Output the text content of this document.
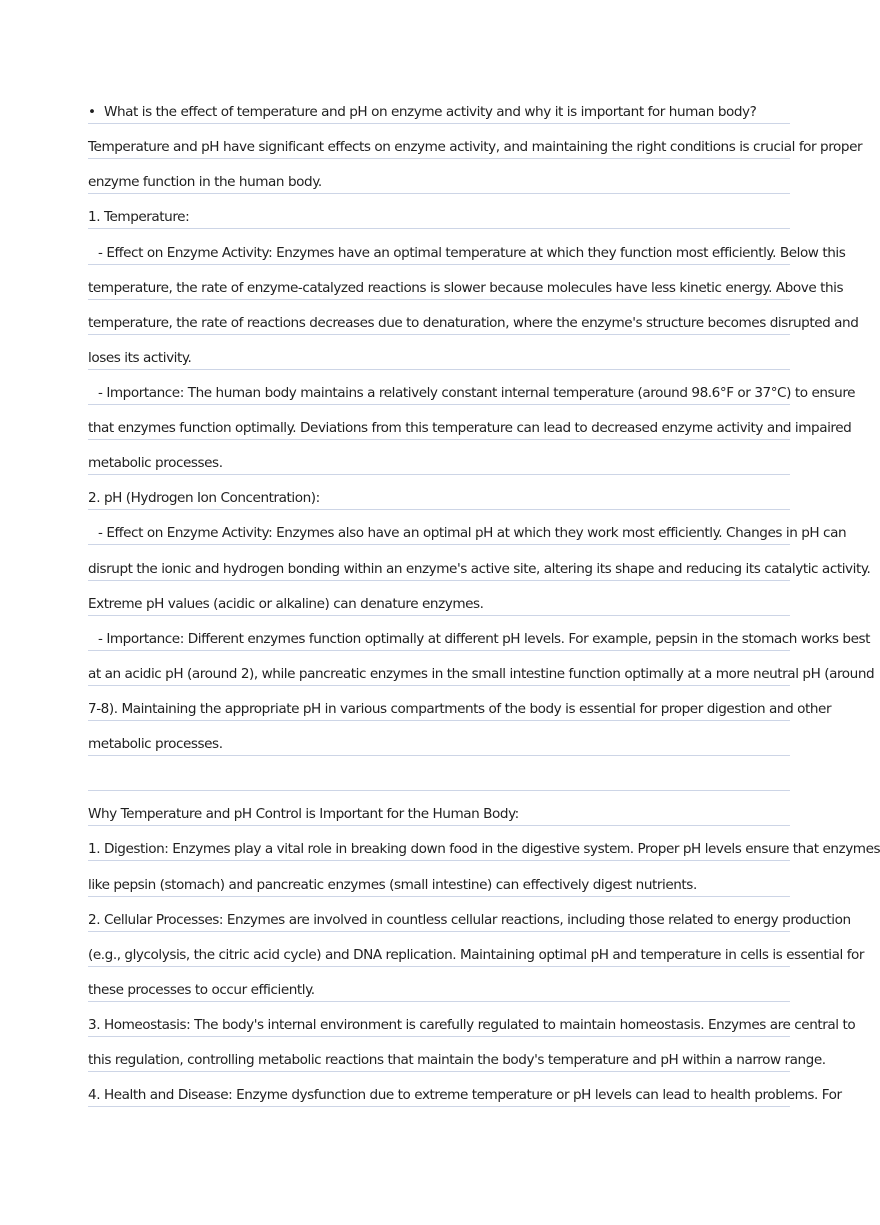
• What is the effect of temperature and pH on enzyme activity and why it is important for human body?
Temperature and pH have significant effects on enzyme activity, and maintaining the right conditions is crucial for proper
enzyme function in the human body.
1. Temperature:
- Effect on Enzyme Activity: Enzymes have an optimal temperature at which they function most efficiently. Below this
temperature, the rate of enzyme-catalyzed reactions is slower because molecules have less kinetic energy. Above this
temperature, the rate of reactions decreases due to denaturation, where the enzyme's structure becomes disrupted and
loses its activity.
- Importance: The human body maintains a relatively constant internal temperature (around 98.6°F or 37°C) to ensure
that enzymes function optimally. Deviations from this temperature can lead to decreased enzyme activity and impaired
metabolic processes.
2. pH (Hydrogen Ion Concentration):
- Effect on Enzyme Activity: Enzymes also have an optimal pH at which they work most efficiently. Changes in pH can
disrupt the ionic and hydrogen bonding within an enzyme's active site, altering its shape and reducing its catalytic activity.
Extreme pH values (acidic or alkaline) can denature enzymes.
- Importance: Different enzymes function optimally at different pH levels. For example, pepsin in the stomach works best
at an acidic pH (around 2), while pancreatic enzymes in the small intestine function optimally at a more neutral pH (around
7-8). Maintaining the appropriate pH in various compartments of the body is essential for proper digestion and other
metabolic processes.
Why Temperature and pH Control is Important for the Human Body:
1. Digestion: Enzymes play a vital role in breaking down food in the digestive system. Proper pH levels ensure that enzymes
like pepsin (stomach) and pancreatic enzymes (small intestine) can effectively digest nutrients.
2. Cellular Processes: Enzymes are involved in countless cellular reactions, including those related to energy production
(e.g., glycolysis, the citric acid cycle) and DNA replication. Maintaining optimal pH and temperature in cells is essential for
these processes to occur efficiently.
3. Homeostasis: The body's internal environment is carefully regulated to maintain homeostasis. Enzymes are central to
this regulation, controlling metabolic reactions that maintain the body's temperature and pH within a narrow range.
4. Health and Disease: Enzyme dysfunction due to extreme temperature or pH levels can lead to health problems. For
